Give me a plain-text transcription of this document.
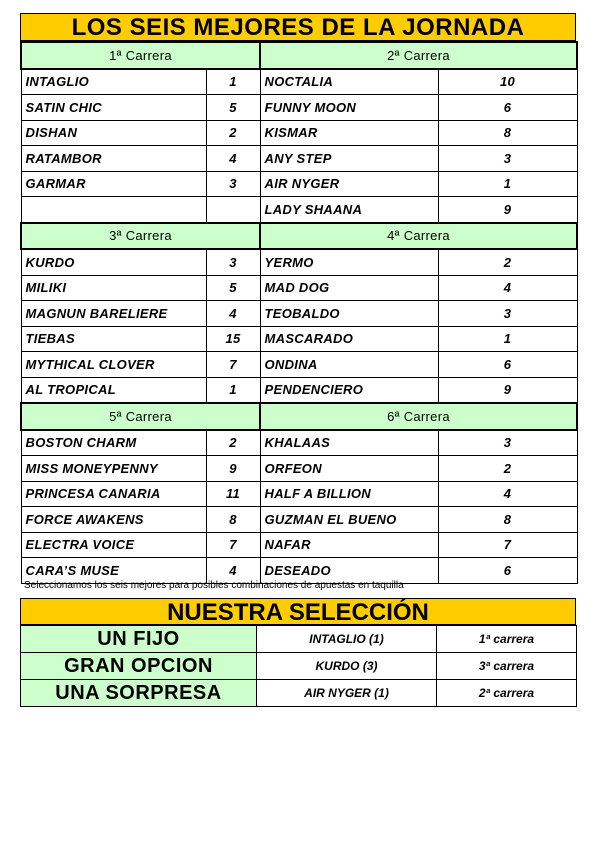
LOS SEIS MEJORES DE LA JORNADA
1ª Carrera		2ª Carrera	
INTAGLIO	1	NOCTALIA	10
SATIN CHIC	5	FUNNY MOON	6
DISHAN	2	KISMAR	8
RATAMBOR	4	ANY STEP	3
GARMAR	3	AIR NYGER	1
		LADY SHAANA	9
3ª Carrera		4ª Carrera	
KURDO	3	YERMO	2
MILIKI	5	MAD DOG	4
MAGNUN BARELIERE	4	TEOBALDO	3
TIEBAS	15	MASCARADO	1
MYTHICAL CLOVER	7	ONDINA	6
AL TROPICAL	1	PENDENCIERO	9
5ª Carrera		6ª Carrera	
BOSTON CHARM	2	KHALAAS	3
MISS MONEYPENNY	9	ORFEON	2
PRINCESA CANARIA	11	HALF A BILLION	4
FORCE AWAKENS	8	GUZMAN EL BUENO	8
ELECTRA VOICE	7	NAFAR	7
CARA’S MUSE	4	DESEADO	6
Seleccionamos los seis mejores para posibles combinaciones de apuestas en taquilla
NUESTRA SELECCIÓN
UN FIJO	INTAGLIO (1)	1ª carrera
GRAN OPCION	KURDO (3)	3ª carrera
UNA SORPRESA	AIR NYGER (1)	2ª carrera
